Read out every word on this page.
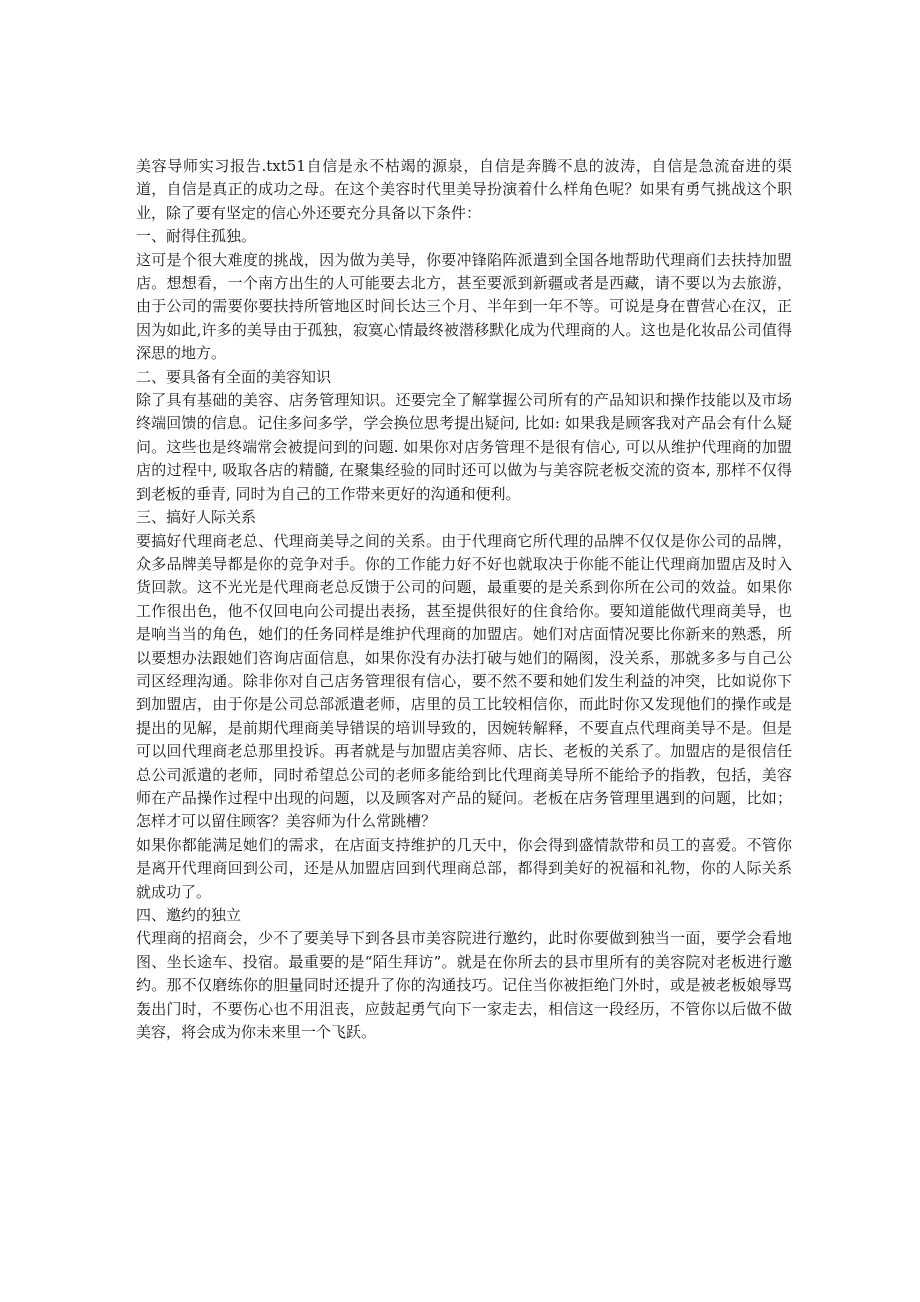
美容导师实习报告.txt51自信是永不枯竭的源泉，自信是奔腾不息的波涛，自信是急流奋进的渠道，自信是真正的成功之母。在这个美容时代里美导扮演着什么样角色呢？如果有勇气挑战这个职业，除了要有坚定的信心外还要充分具备以下条件：

一、耐得住孤独。

这可是个很大难度的挑战，因为做为美导，你要冲锋陷阵派遣到全国各地帮助代理商们去扶持加盟店。想想看，一个南方出生的人可能要去北方，甚至要派到新疆或者是西藏，请不要以为去旅游，由于公司的需要你要扶持所管地区时间长达三个月、半年到一年不等。可说是身在曹营心在汉，正因为如此,许多的美导由于孤独，寂寞心情最终被潜移默化成为代理商的人。这也是化妆品公司值得深思的地方。

二、要具备有全面的美容知识

除了具有基础的美容、店务管理知识。还要完全了解掌握公司所有的产品知识和操作技能以及市场终端回馈的信息。记住多问多学，学会换位思考提出疑问, 比如: 如果我是顾客我对产品会有什么疑问。这些也是终端常会被提问到的问题. 如果你对店务管理不是很有信心, 可以从维护代理商的加盟店的过程中, 吸取各店的精髓, 在聚集经验的同时还可以做为与美容院老板交流的资本, 那样不仅得到老板的垂青, 同时为自己的工作带来更好的沟通和便利。

三、搞好人际关系

要搞好代理商老总、代理商美导之间的关系。由于代理商它所代理的品牌不仅仅是你公司的品牌，众多品牌美导都是你的竞争对手。你的工作能力好不好也就取决于你能不能让代理商加盟店及时入货回款。这不光光是代理商老总反馈于公司的问题，最重要的是关系到你所在公司的效益。如果你工作很出色，他不仅回电向公司提出表扬，甚至提供很好的住食给你。要知道能做代理商美导，也是响当当的角色，她们的任务同样是维护代理商的加盟店。她们对店面情况要比你新来的熟悉，所以要想办法跟她们咨询店面信息，如果你没有办法打破与她们的隔阂，没关系，那就多多与自己公司区经理沟通。除非你对自己店务管理很有信心，要不然不要和她们发生利益的冲突，比如说你下到加盟店，由于你是公司总部派遣老师，店里的员工比较相信你，而此时你又发现他们的操作或是提出的见解，是前期代理商美导错误的培训导致的，因婉转解释，不要直点代理商美导不是。但是可以回代理商老总那里投诉。再者就是与加盟店美容师、店长、老板的关系了。加盟店的是很信任总公司派遣的老师，同时希望总公司的老师多能给到比代理商美导所不能给予的指教，包括，美容师在产品操作过程中出现的问题，以及顾客对产品的疑问。老板在店务管理里遇到的问题，比如；怎样才可以留住顾客？美容师为什么常跳槽？

如果你都能满足她们的需求，在店面支持维护的几天中，你会得到盛情款带和员工的喜爱。不管你是离开代理商回到公司，还是从加盟店回到代理商总部，都得到美好的祝福和礼物，你的人际关系就成功了。

四、邀约的独立

代理商的招商会，少不了要美导下到各县市美容院进行邀约，此时你要做到独当一面，要学会看地图、坐长途车、投宿。最重要的是“陌生拜访”。就是在你所去的县市里所有的美容院对老板进行邀约。那不仅磨练你的胆量同时还提升了你的沟通技巧。记住当你被拒绝门外时，或是被老板娘辱骂轰出门时，不要伤心也不用沮丧，应鼓起勇气向下一家走去，相信这一段经历，不管你以后做不做美容，将会成为你未来里一个飞跃。
